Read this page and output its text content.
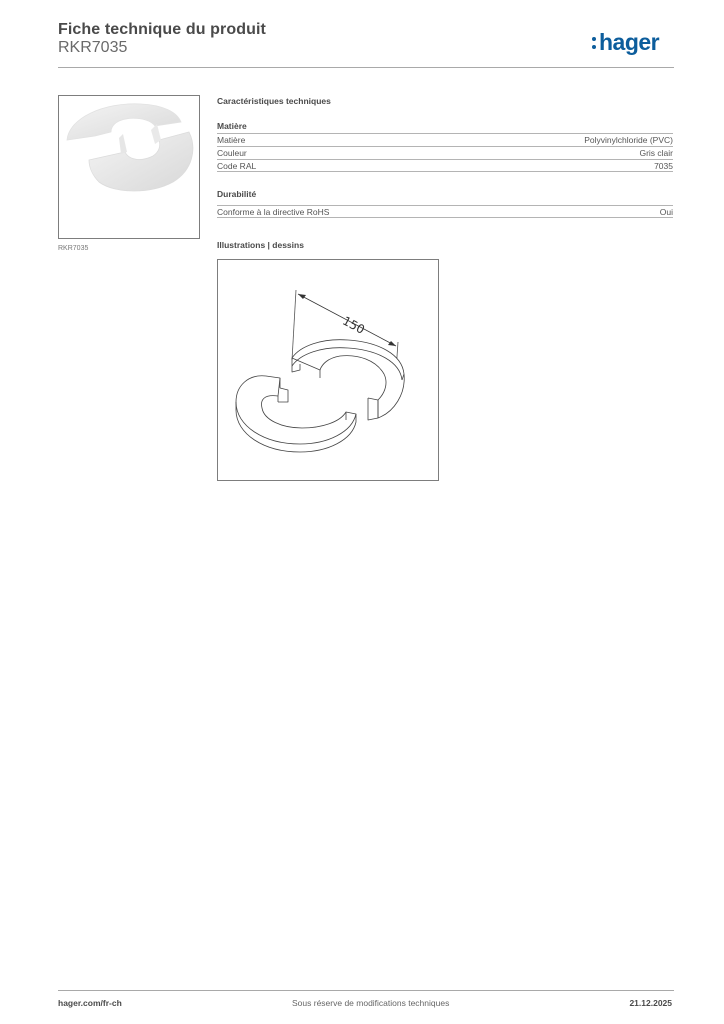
Fiche technique du produit
RKR7035	hager
RKR7035
Caractéristiques techniques
Matière
Matière	Polyvinylchloride (PVC)
Couleur	Gris clair
Code RAL	7035
Durabilité
Conforme à la directive RoHS	Oui
Illustrations | dessins
150
hager.com/fr-ch	Sous réserve de modifications techniques	21.12.2025
